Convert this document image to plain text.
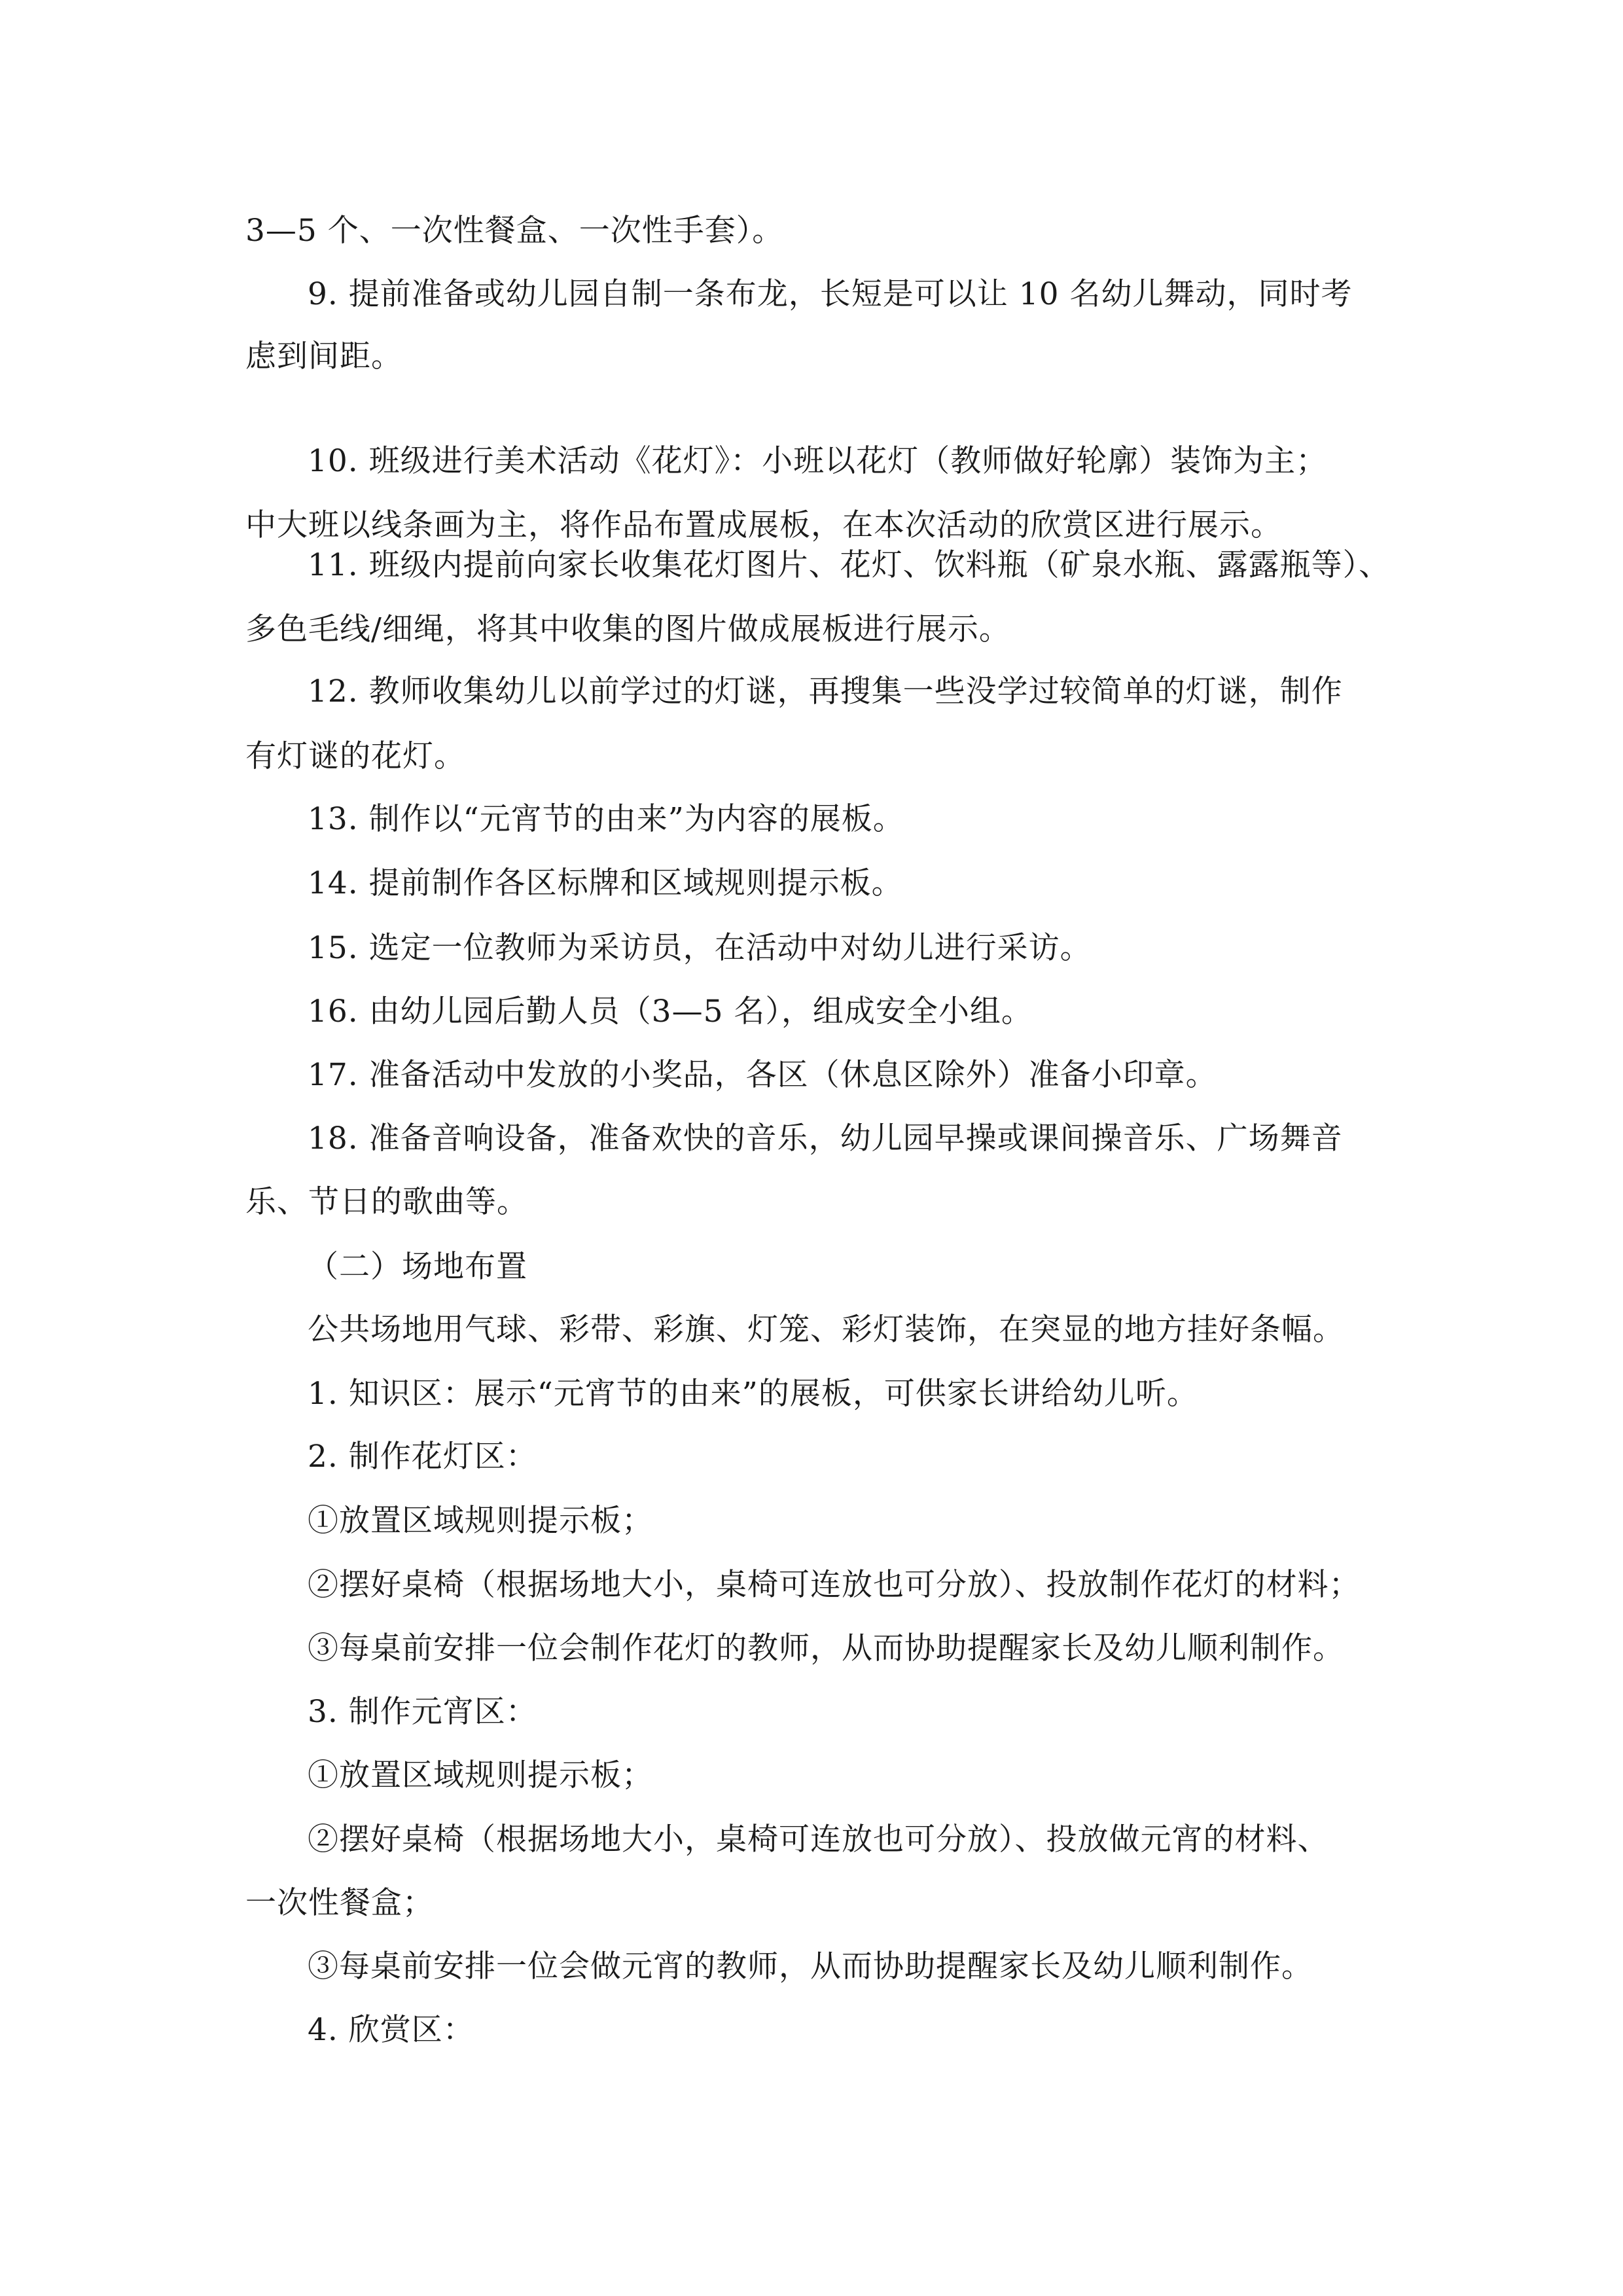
3—5 个、一次性餐盒、一次性手套）。
9. 提前准备或幼儿园自制一条布龙，长短是可以让 10 名幼儿舞动，同时考
虑到间距。
10. 班级进行美术活动《花灯》：小班以花灯（教师做好轮廓）装饰为主；
中大班以线条画为主，将作品布置成展板，在本次活动的欣赏区进行展示。
11. 班级内提前向家长收集花灯图片、花灯、饮料瓶（矿泉水瓶、露露瓶等）、
多色毛线/细绳，将其中收集的图片做成展板进行展示。
12. 教师收集幼儿以前学过的灯谜，再搜集一些没学过较简单的灯谜，制作
有灯谜的花灯。
13. 制作以“元宵节的由来”为内容的展板。
14. 提前制作各区标牌和区域规则提示板。
15. 选定一位教师为采访员，在活动中对幼儿进行采访。
16. 由幼儿园后勤人员（3—5 名），组成安全小组。
17. 准备活动中发放的小奖品，各区（休息区除外）准备小印章。
18. 准备音响设备，准备欢快的音乐，幼儿园早操或课间操音乐、广场舞音
乐、节日的歌曲等。
（二）场地布置
公共场地用气球、彩带、彩旗、灯笼、彩灯装饰，在突显的地方挂好条幅。
1. 知识区：展示“元宵节的由来”的展板，可供家长讲给幼儿听。
2. 制作花灯区：
①放置区域规则提示板；
②摆好桌椅（根据场地大小，桌椅可连放也可分放）、投放制作花灯的材料；
③每桌前安排一位会制作花灯的教师，从而协助提醒家长及幼儿顺利制作。
3. 制作元宵区：
①放置区域规则提示板；
②摆好桌椅（根据场地大小，桌椅可连放也可分放）、投放做元宵的材料、
一次性餐盒；
③每桌前安排一位会做元宵的教师，从而协助提醒家长及幼儿顺利制作。
4. 欣赏区：
